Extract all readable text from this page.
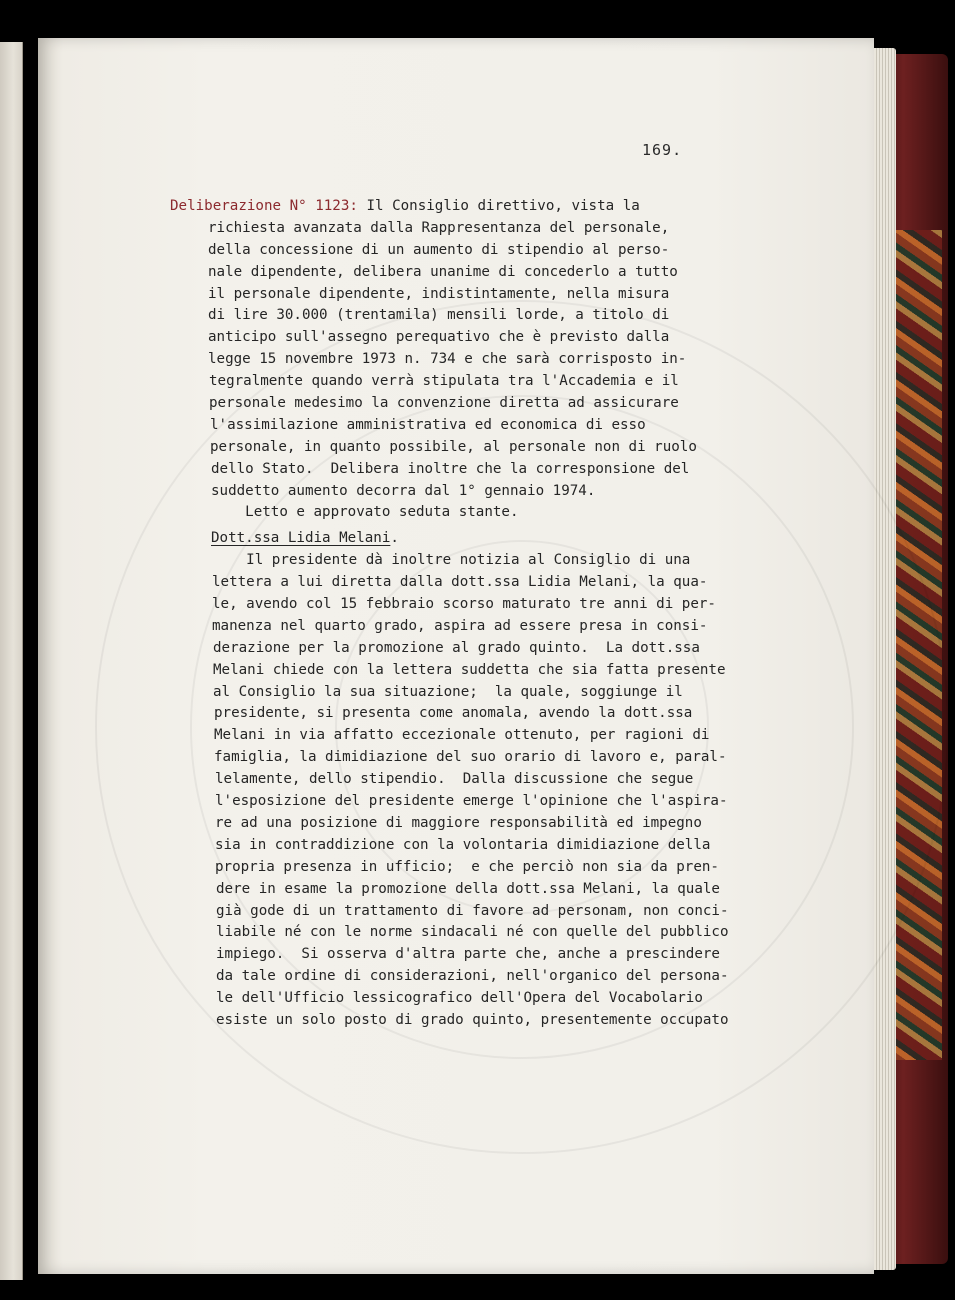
169.
Deliberazione N° 1123: Il Consiglio direttivo, vista la
richiesta avanzata dalla Rappresentanza del personale,
della concessione di un aumento di stipendio al perso-
nale dipendente, delibera unanime di concederlo a tutto
il personale dipendente, indistintamente, nella misura
di lire 30.000 (trentamila) mensili lorde, a titolo di
anticipo sull'assegno perequativo che è previsto dalla
legge 15 novembre 1973 n. 734 e che sarà corrisposto in-
tegralmente quando verrà stipulata tra l'Accademia e il
personale medesimo la convenzione diretta ad assicurare
l'assimilazione amministrativa ed economica di esso
personale, in quanto possibile, al personale non di ruolo
dello Stato.  Delibera inoltre che la corresponsione del
suddetto aumento decorra dal 1° gennaio 1974.
Letto e approvato seduta stante.
Dott.ssa Lidia Melani.
Il presidente dà inoltre notizia al Consiglio di una
lettera a lui diretta dalla dott.ssa Lidia Melani, la qua-
le, avendo col 15 febbraio scorso maturato tre anni di per-
manenza nel quarto grado, aspira ad essere presa in consi-
derazione per la promozione al grado quinto.  La dott.ssa
Melani chiede con la lettera suddetta che sia fatta presente
al Consiglio la sua situazione;  la quale, soggiunge il
presidente, si presenta come anomala, avendo la dott.ssa
Melani in via affatto eccezionale ottenuto, per ragioni di
famiglia, la dimidiazione del suo orario di lavoro e, paral-
lelamente, dello stipendio.  Dalla discussione che segue
l'esposizione del presidente emerge l'opinione che l'aspira-
re ad una posizione di maggiore responsabilità ed impegno
sia in contraddizione con la volontaria dimidiazione della
propria presenza in ufficio;  e che perciò non sia da pren-
dere in esame la promozione della dott.ssa Melani, la quale
già gode di un trattamento di favore ad personam, non conci-
liabile né con le norme sindacali né con quelle del pubblico
impiego.  Si osserva d'altra parte che, anche a prescindere
da tale ordine di considerazioni, nell'organico del persona-
le dell'Ufficio lessicografico dell'Opera del Vocabolario
esiste un solo posto di grado quinto, presentemente occupato
